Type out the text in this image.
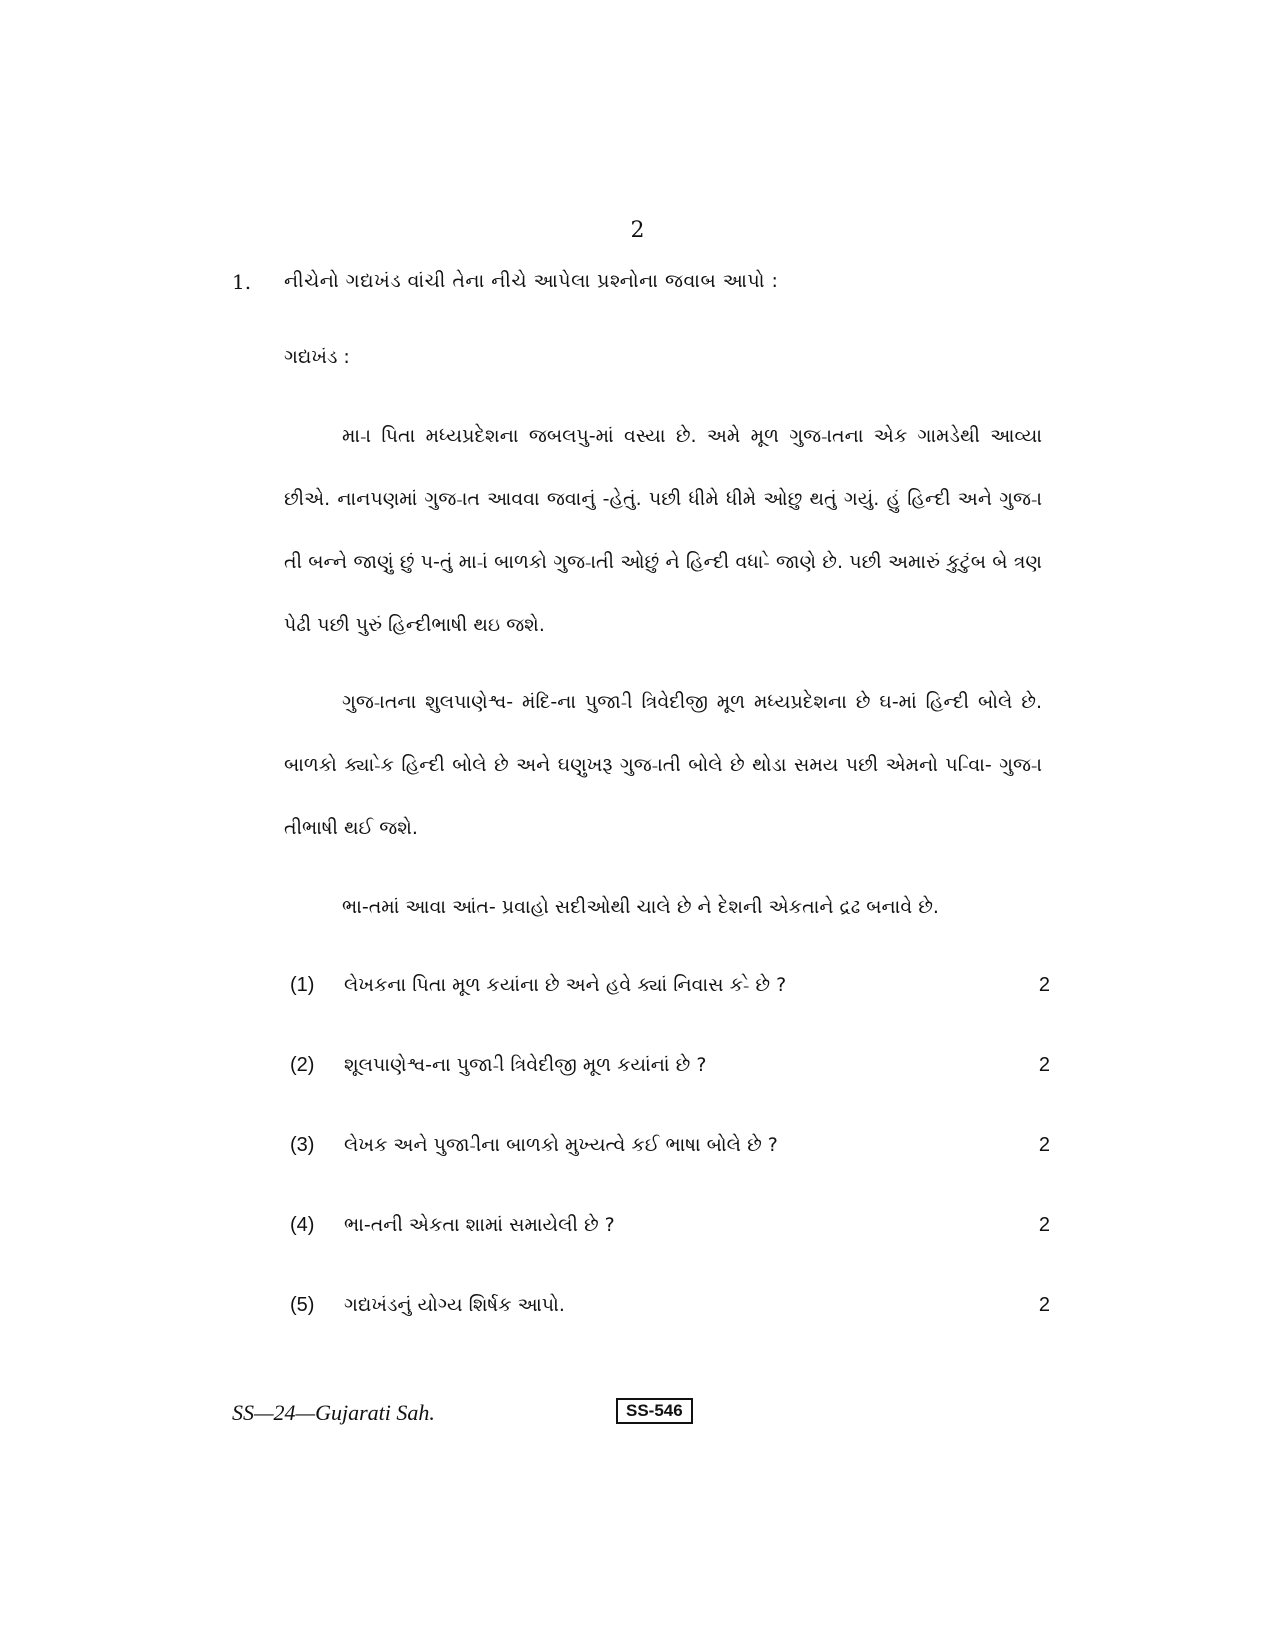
2
1. નીચેનો ગદ્યખંડ વાંચી તેના નીચે આપેલા પ્રશ્નોના જવાબ આપો :
ગદ્યખંડ :

મા-ા પિતા મધ્યપ્રદેશના જબલપુ-માં વસ્યા છે. અમે મૂળ ગુજ-ાતના એક ગામડેથી આવ્યા છીએ. નાનપણમાં ગુજ-ાત આવવા જવાનું -હેતું. પછી ધીમે ધીમે ઓછુ થતું ગયું. હું હિન્દી અને ગુજ-ાતી બન્ને જાણું છું પ-તું મા-ાં બાળકો ગુજ-ાતી ઓછું ને હિન્દી વધા-ે જાણે છે. પછી અમારું કુટુંબ બે ત્રણ પેઢી પછી પુરું હિન્દીભાષી થઇ જશે.

ગુજ-ાતના શુલપાણેશ્વ- મંદિ-ના પુજા-ી ત્રિવેદીજી મૂળ મધ્યપ્રદેશના છે ઘ-માં હિન્દી બોલે છે. બાળકો ક્યા-ેક હિન્દી બોલે છે અને ઘણુખરૂ ગુજ-ાતી બોલે છે થોડા સમય પછી એમનો પ-િવા- ગુજ-ાતીભાષી થઈ જશે.

ભા-તમાં આવા આંત- પ્રવાહો સદીઓથી ચાલે છે ને દેશની એકતાને દ્રઢ બનાવે છે.

(1) લેખકના પિતા મૂળ કયાંના છે અને હવે ક્યાં નિવાસ ક-ે છે ?	2
(2) શૂલપાણેશ્વ-ના પુજા-ી ત્રિવેદીજી મૂળ કયાંનાં છે ?	2
(3) લેખક અને પુજા-ીના બાળકો મુખ્યત્વે કઈ ભાષા બોલે છે ?	2
(4) ભા-તની એકતા શામાં સમાયેલી છે ?	2
(5) ગદ્યખંડનું યોગ્ય શિર્ષક આપો.	2
SS—24—Gujarati Sah.	SS-546
